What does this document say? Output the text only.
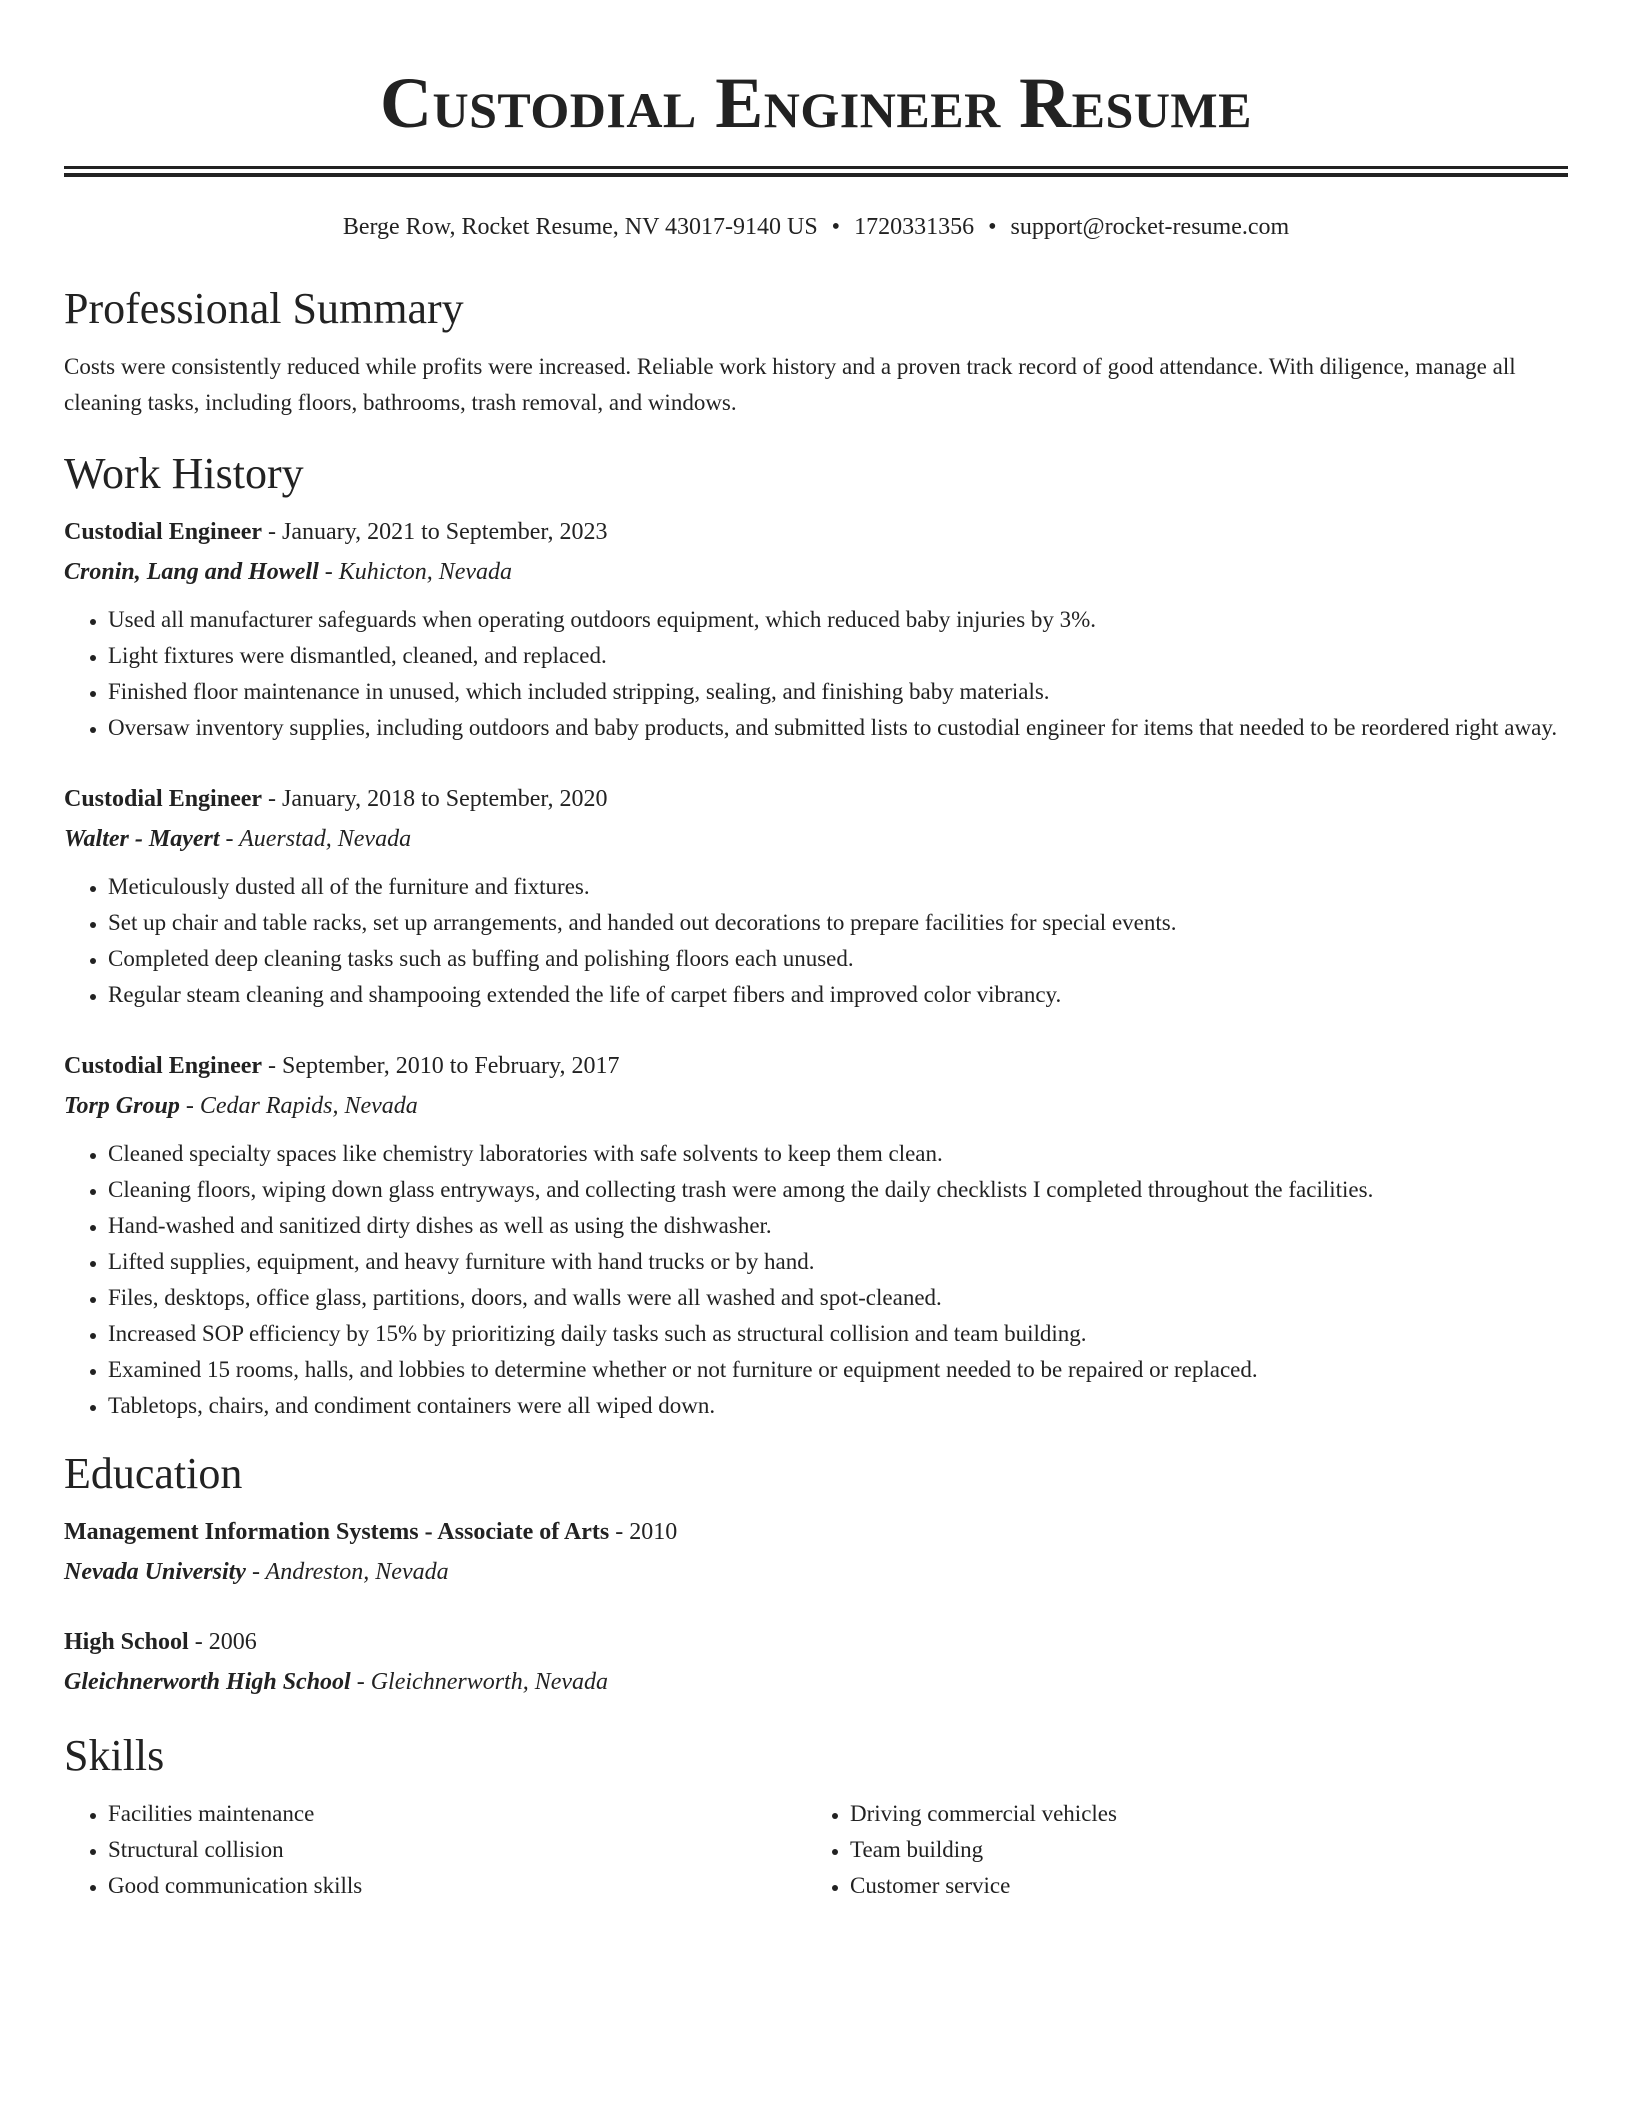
Custodial Engineer Resume
Berge Row, Rocket Resume, NV 43017-9140 US • 1720331356 • support@rocket-resume.com
Professional Summary

Costs were consistently reduced while profits were increased. Reliable work history and a proven track record of good attendance. With diligence, manage all cleaning tasks, including floors, bathrooms, trash removal, and windows.

Work History
Custodial Engineer - January, 2021 to September, 2023
Cronin, Lang and Howell - Kuhicton, Nevada
• Used all manufacturer safeguards when operating outdoors equipment, which reduced baby injuries by 3%.
• Light fixtures were dismantled, cleaned, and replaced.
• Finished floor maintenance in unused, which included stripping, sealing, and finishing baby materials.
• Oversaw inventory supplies, including outdoors and baby products, and submitted lists to custodial engineer for items that needed to be reordered right away.
Custodial Engineer - January, 2018 to September, 2020
Walter - Mayert - Auerstad, Nevada
• Meticulously dusted all of the furniture and fixtures.
• Set up chair and table racks, set up arrangements, and handed out decorations to prepare facilities for special events.
• Completed deep cleaning tasks such as buffing and polishing floors each unused.
• Regular steam cleaning and shampooing extended the life of carpet fibers and improved color vibrancy.
Custodial Engineer - September, 2010 to February, 2017
Torp Group - Cedar Rapids, Nevada
• Cleaned specialty spaces like chemistry laboratories with safe solvents to keep them clean.
• Cleaning floors, wiping down glass entryways, and collecting trash were among the daily checklists I completed throughout the facilities.
• Hand-washed and sanitized dirty dishes as well as using the dishwasher.
• Lifted supplies, equipment, and heavy furniture with hand trucks or by hand.
• Files, desktops, office glass, partitions, doors, and walls were all washed and spot-cleaned.
• Increased SOP efficiency by 15% by prioritizing daily tasks such as structural collision and team building.
• Examined 15 rooms, halls, and lobbies to determine whether or not furniture or equipment needed to be repaired or replaced.
• Tabletops, chairs, and condiment containers were all wiped down.
Education
Management Information Systems - Associate of Arts - 2010
Nevada University - Andreston, Nevada
High School - 2006
Gleichnerworth High School - Gleichnerworth, Nevada
Skills
• Facilities maintenance
• Structural collision
• Good communication skills
• Driving commercial vehicles
• Team building
• Customer service
